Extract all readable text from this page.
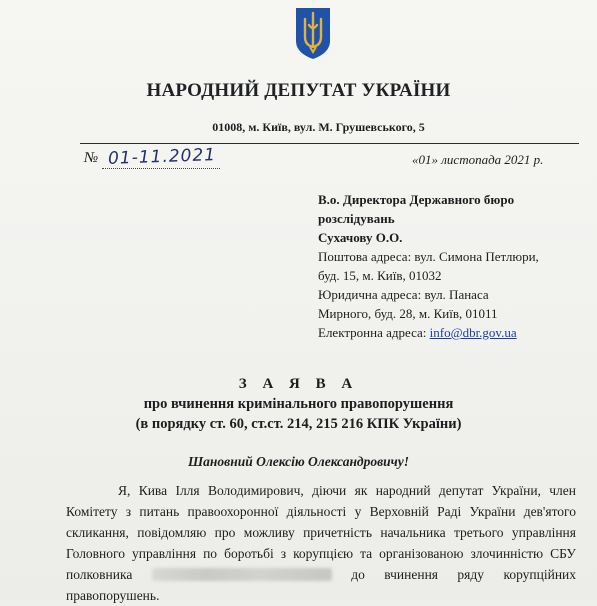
НАРОДНИЙ ДЕПУТАТ УКРАЇНИ
01008, м. Київ, вул. М. Грушевського, 5
№ 01-11.2021	«01» листопада 2021 р.
В.о. Директора Державного бюро
розслідувань
Сухачову О.О.
Поштова адреса: вул. Симона Петлюри,
буд. 15, м. Київ, 01032
Юридична адреса: вул. Панаса
Мирного, буд. 28, м. Київ, 01011
Електронна адреса: info@dbr.gov.ua
З А Я В А
про вчинення кримінального правопорушення
(в порядку ст. 60, ст.ст. 214, 215 216 КПК України)
Шановний Олексію Олександровичу!
Я, Кива Ілля Володимирович, діючи як народний депутат України, член Комітету з питань правоохоронної діяльності у Верховній Раді України дев'ятого скликання, повідомляю про можливу причетність начальника третього управління Головного управління по боротьбі з корупцією та організованою злочинністю СБУ полковника	до вчинення ряду корупційних правопорушень.
